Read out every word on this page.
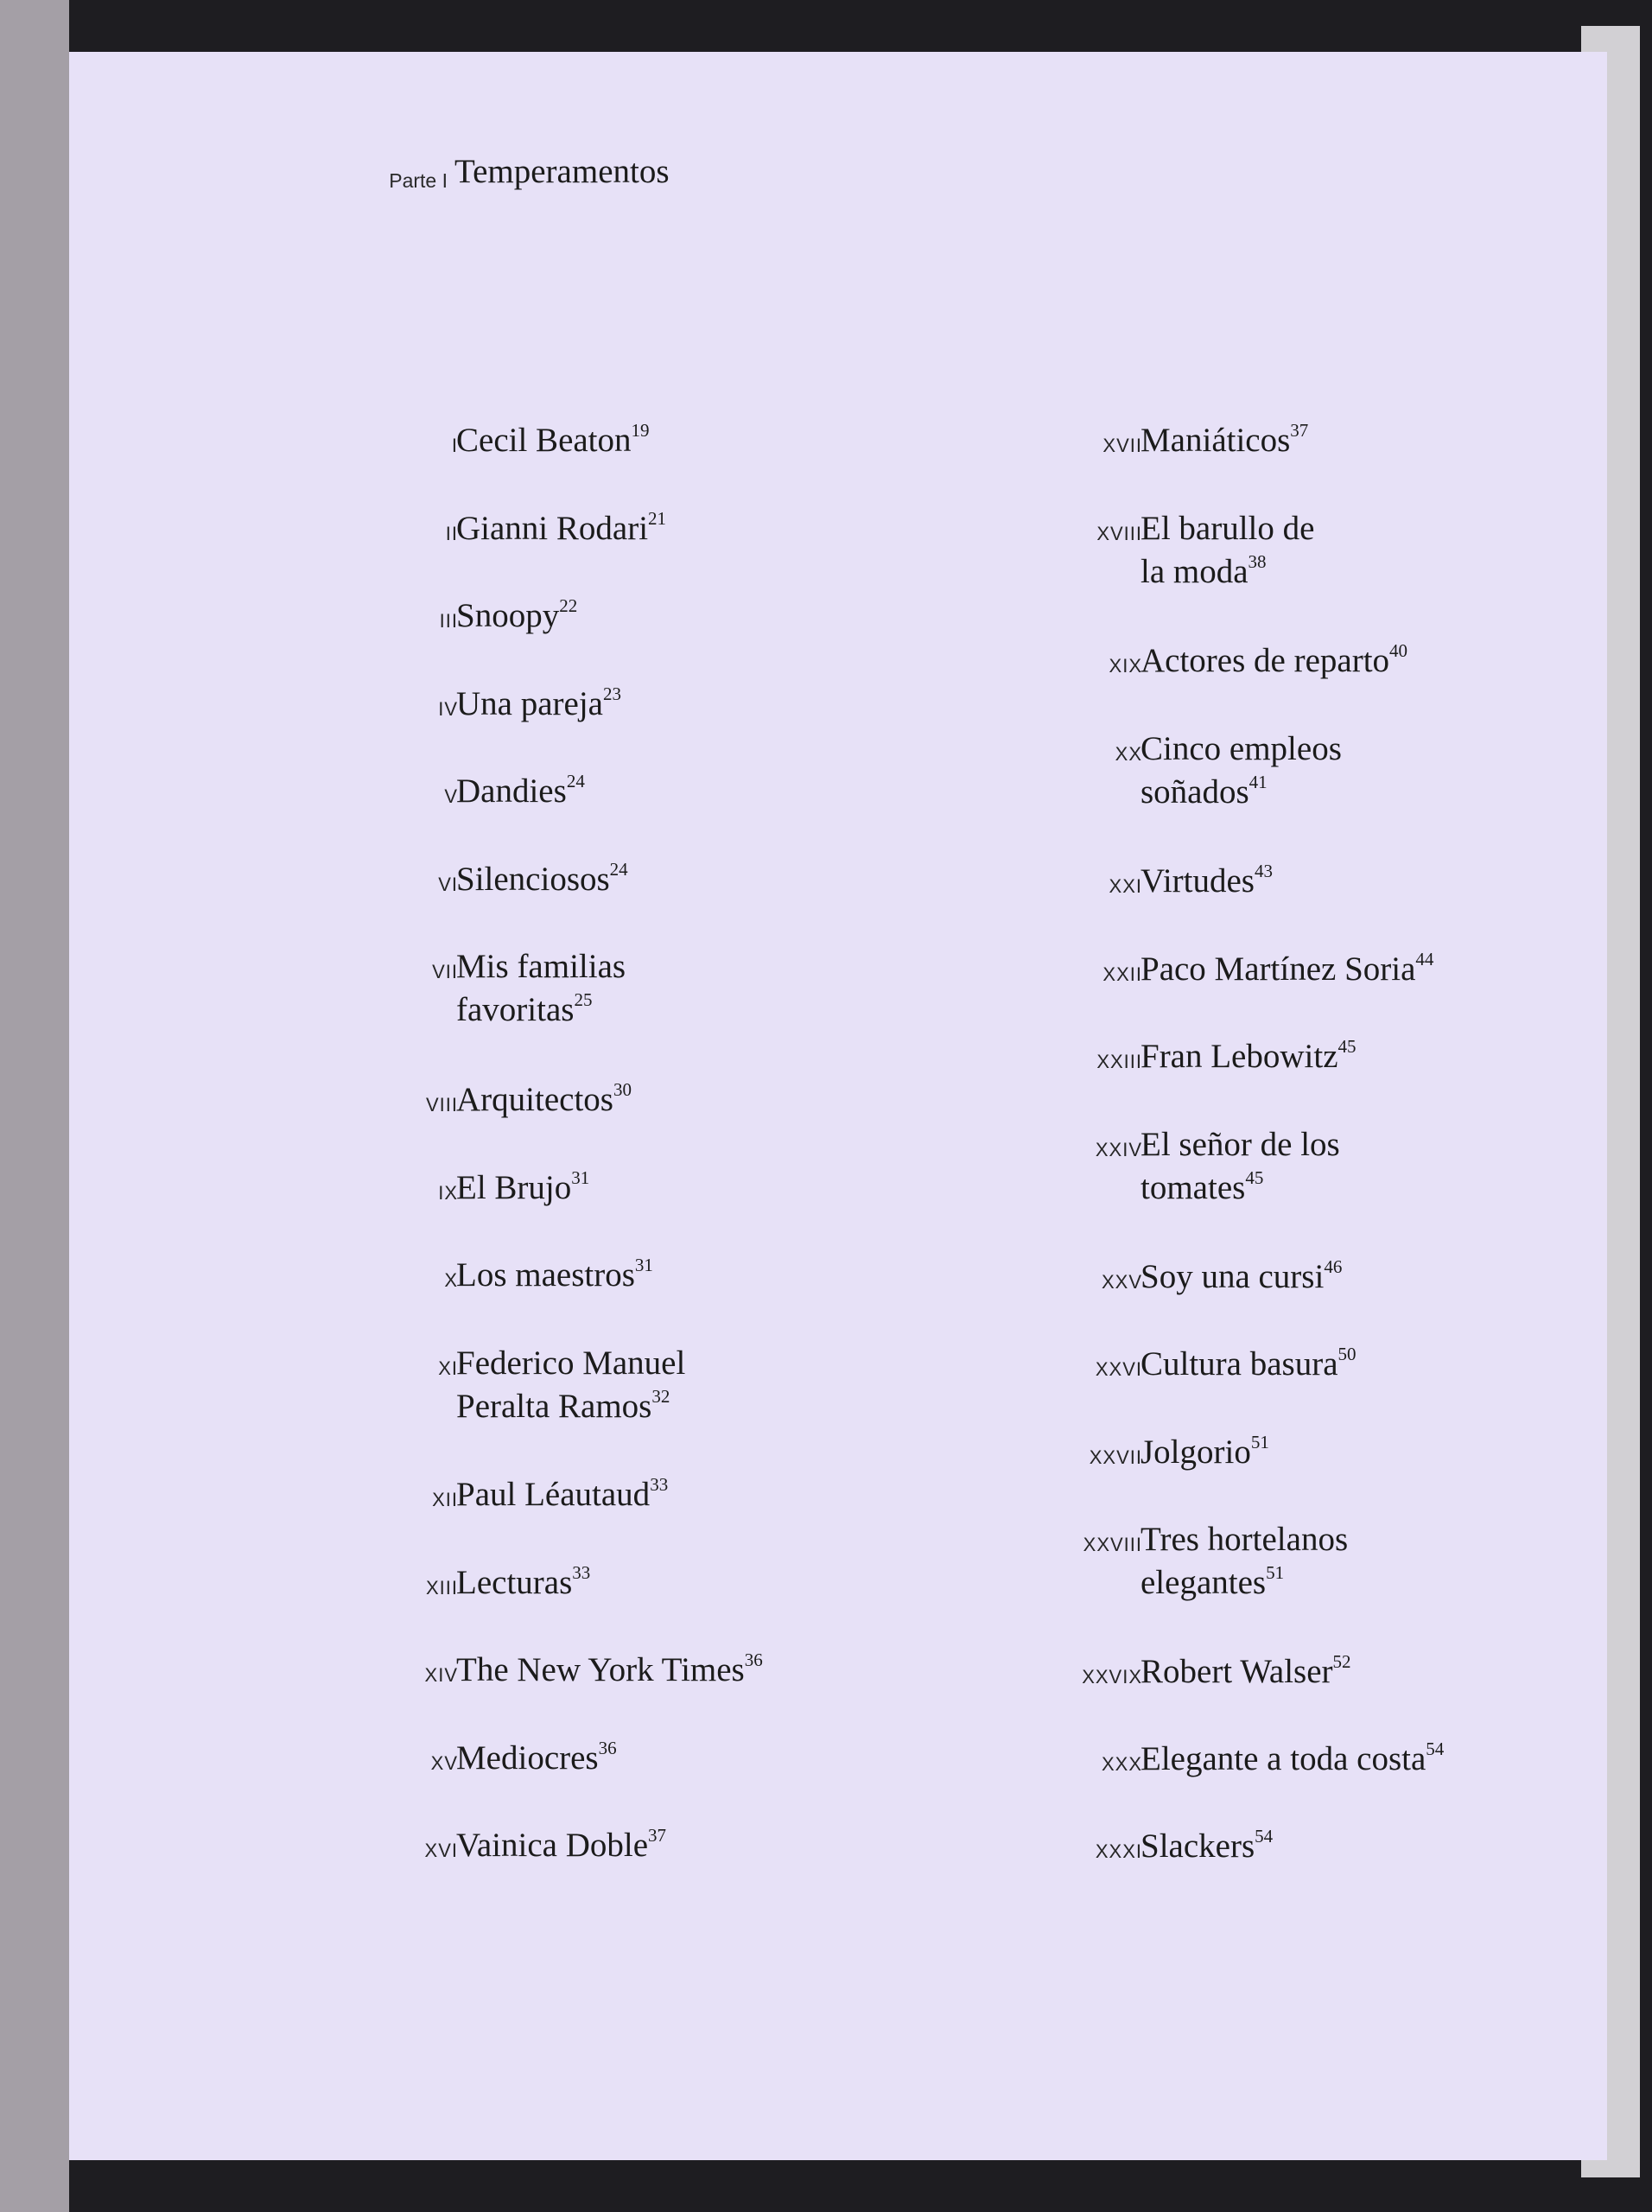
Parte I Temperamentos
I
Cecil Beaton$^{19}$
II
Gianni Rodari$^{21}$
III
Snoopy$^{22}$
IV
Una pareja$^{23}$
V
Dandies$^{24}$
VI
Silenciosos$^{24}$
VII
Mis familias
favoritas$^{25}$
VIII
Arquitectos$^{30}$
IX
El Brujo$^{31}$
X
Los maestros$^{31}$
XI
Federico Manuel
Peralta Ramos$^{32}$
XII
Paul Léautaud$^{33}$
XIII
Lecturas$^{33}$
XIV
The New York Times$^{36}$
XV
Mediocres$^{36}$
XVI
Vainica Doble$^{37}$
XVII
Maniáticos$^{37}$
XVIII
El barullo de
la moda$^{38}$
XIX
Actores de reparto$^{40}$
XX
Cinco empleos
soñados$^{41}$
XXI
Virtudes$^{43}$
XXII
Paco Martínez Soria$^{44}$
XXIII
Fran Lebowitz$^{45}$
XXIV
El señor de los
tomates$^{45}$
XXV
Soy una cursi$^{46}$
XXVI
Cultura basura$^{50}$
XXVII
Jolgorio$^{51}$
XXVIII
Tres hortelanos
elegantes$^{51}$
XXVIX
Robert Walser$^{52}$
XXX
Elegante a toda costa$^{54}$
XXXI
Slackers$^{54}$
